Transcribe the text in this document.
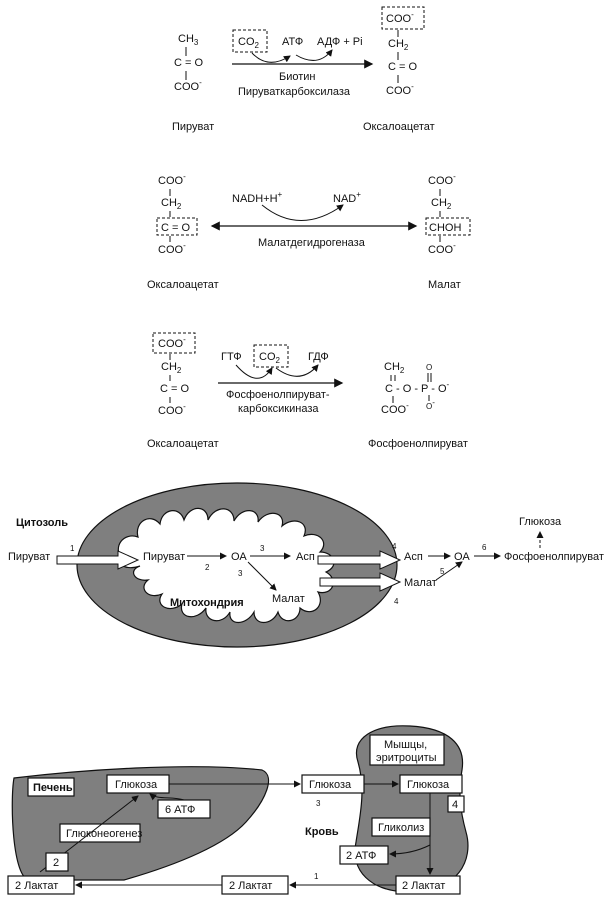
$CH_3$
C = O
COO-
$CO_2$ АТФ АДФ + Pi
Биотин
Пируваткарбоксилаза
COO-
$CH_2$
C = O
COO-
Пируват	Оксалоацетат
COO-
$CH_2$
C = O
COO-
NADH+H+	NAD+
Малатдегидрогеназа
COO-
$CH_2$
CHOH
COO-
Оксалоацетат	Малат
COO-
$CH_2$
C = O
COO-
ГТФ $CO_2$	ГДФ
Фосфоенолпируват-
карбоксикиназа
$CH_2$
C - O - P - O-
O
O-
COO-
Оксалоацетат	Фосфоенолпируват
Цитозоль
Пируват
1
Пируват
2
ОА
3
Асп
3
Малат
Митохондрия
4
4
Асп
Малат
5
ОА
6
Фосфоенолпируват
Глюкоза
Печень	Глюкоза
6 АТФ
Глюконеогенез
2
2 Лактат
Глюкоза
3
Кровь
Мышцы,
эритроциты
Глюкоза
4
Гликолиз
2 АТФ
2 Лактат
1
2 Лактат
